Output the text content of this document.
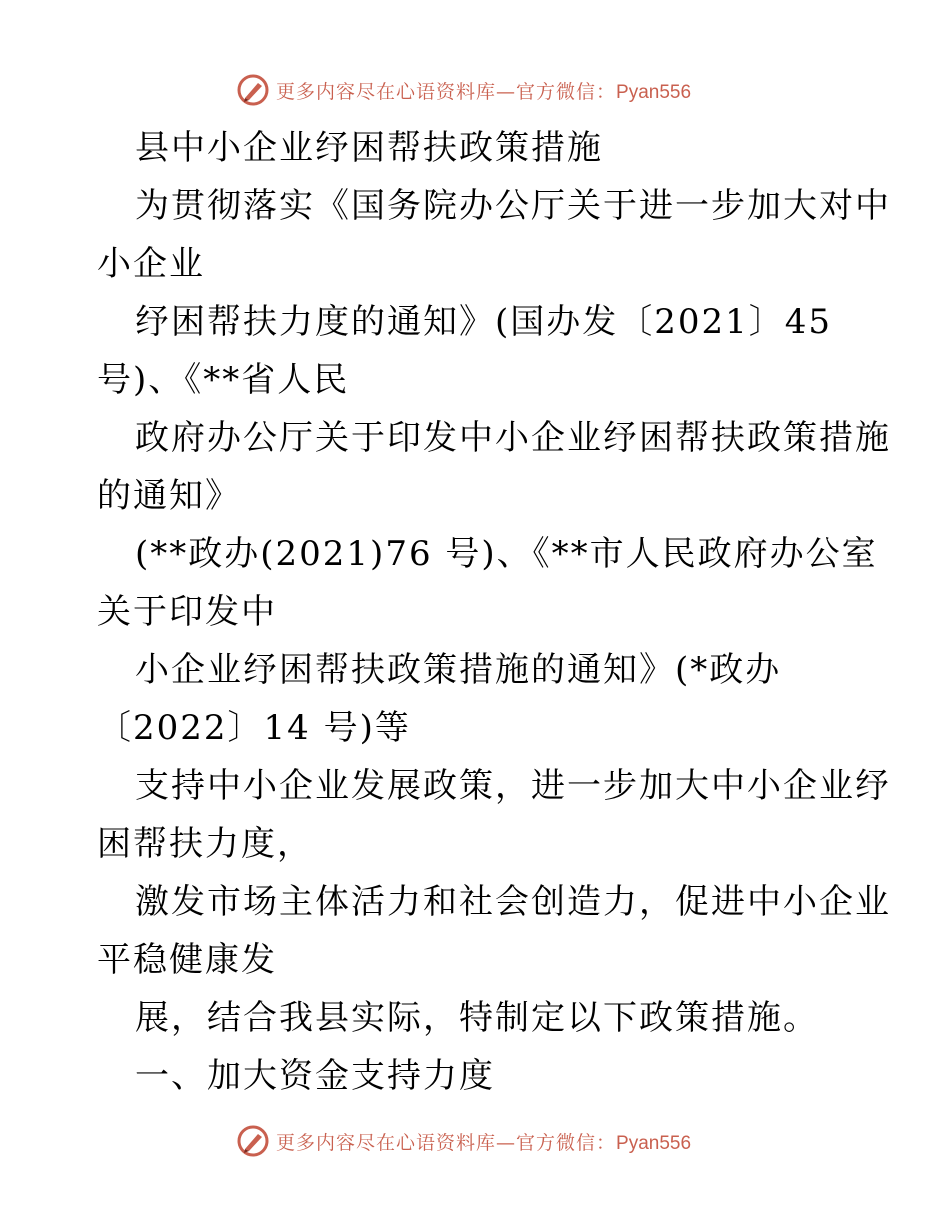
更多内容尽在心语资料库—官方微信：Pyan556
县中小企业纾困帮扶政策措施
为贯彻落实《国务院办公厅关于进一步加大对中
小企业
纾困帮扶力度的通知》(国办发〔2021〕45
号)、《**省人民
政府办公厅关于印发中小企业纾困帮扶政策措施
的通知》
(**政办(2021)76 号)、《**市人民政府办公室
关于印发中
小企业纾困帮扶政策措施的通知》(*政办
〔2022〕14 号)等
支持中小企业发展政策，进一步加大中小企业纾
困帮扶力度，
激发市场主体活力和社会创造力，促进中小企业
平稳健康发
展，结合我县实际，特制定以下政策措施。
一、加大资金支持力度
更多内容尽在心语资料库—官方微信：Pyan556
